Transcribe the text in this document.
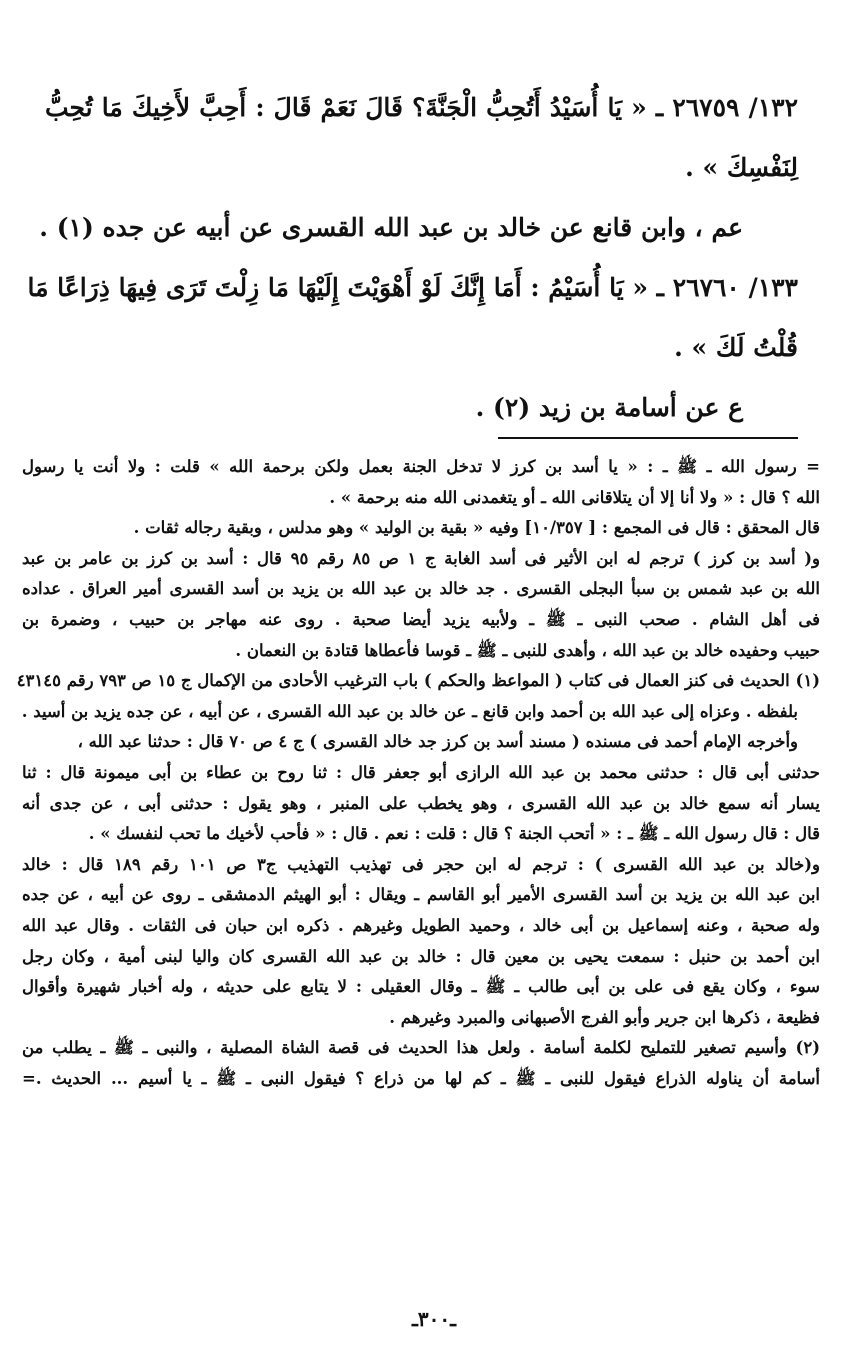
١٣٢/ ٢٦٧٥٩ ـ « يَا أُسَيْدُ أَتُحِبُّ الْجَنَّةَ؟ قَالَ نَعَمْ قَالَ : أَحِبَّ لأَخِيكَ مَا تُحِبُّ
لِنَفْسِكَ » .
عم ، وابن قانع عن خالد بن عبد الله القسرى عن أبيه عن جده (١) .
١٣٣/ ٢٦٧٦٠ ـ « يَا أُسَيْمُ : أَمَا إِنَّكَ لَوْ أَهْوَيْتَ إِلَيْهَا مَا زِلْتَ تَرَى فِيهَا ذِرَاعًا مَا
قُلْتُ لَكَ » .
ع عن أسامة بن زيد (٢) .
= رسول الله ـ ﷺ ـ : « يا أسد بن كرز لا تدخل الجنة بعمل ولكن برحمة الله » قلت : ولا أنت يا رسول
الله ؟ قال : « ولا أنا إلا أن يتلاقانى الله ـ أو يتغمدنى الله منه برحمة » .
قال المحقق : قال فى المجمع : [ ١٠/٣٥٧] وفيه « بقية بن الوليد » وهو مدلس ، وبقية رجاله ثقات .
و( أسد بن كرز ) ترجم له ابن الأثير فى أسد الغابة ج ١ ص ٨٥ رقم ٩٥ قال : أسد بن كرز بن عامر بن عبد
الله بن عبد شمس بن سبأ البجلى القسرى . جد خالد بن عبد الله بن يزيد بن أسد القسرى أمير العراق . عداده
فى أهل الشام . صحب النبى ـ ﷺ ـ ولأبيه يزيد أيضا صحبة . روى عنه مهاجر بن حبيب ، وضمرة بن
حبيب وحفيده خالد بن عبد الله ، وأهدى للنبى ـ ﷺ ـ قوسا فأعطاها قتادة بن النعمان .
(١) الحديث فى كنز العمال فى كتاب ( المواعظ والحكم ) باب الترغيب الأحادى من الإكمال ج ١٥ ص ٧٩٣ رقم ٤٣١٤٥
بلفظه . وعزاه إلى عبد الله بن أحمد وابن قانع ـ عن خالد بن عبد الله القسرى ، عن أبيه ، عن جده يزيد بن أسيد .
وأخرجه الإمام أحمد فى مسنده ( مسند أسد بن كرز جد خالد القسرى ) ج ٤ ص ٧٠ قال : حدثنا عبد الله ،
حدثنى أبى قال : حدثنى محمد بن عبد الله الرازى أبو جعفر قال : ثنا روح بن عطاء بن أبى ميمونة قال : ثنا
يسار أنه سمع خالد بن عبد الله القسرى ، وهو يخطب على المنبر ، وهو يقول : حدثنى أبى ، عن جدى أنه
قال : قال رسول الله ـ ﷺ ـ : « أتحب الجنة ؟ قال : قلت : نعم . قال : « فأحب لأخيك ما تحب لنفسك » .
و(خالد بن عبد الله القسرى ) : ترجم له ابن حجر فى تهذيب التهذيب ج٣ ص ١٠١ رقم ١٨٩ قال : خالد
ابن عبد الله بن يزيد بن أسد القسرى الأمير أبو القاسم ـ ويقال : أبو الهيثم الدمشقى ـ روى عن أبيه ، عن جده
وله صحبة ، وعنه إسماعيل بن أبى خالد ، وحميد الطويل وغيرهم . ذكره ابن حبان فى الثقات . وقال عبد الله
ابن أحمد بن حنبل : سمعت يحيى بن معين قال : خالد بن عبد الله القسرى كان واليا لبنى أمية ، وكان رجل
سوء ، وكان يقع فى على بن أبى طالب ـ ﷺ ـ وقال العقيلى : لا يتابع على حديثه ، وله أخبار شهيرة وأقوال
فظيعة ، ذكرها ابن جرير وأبو الفرج الأصبهانى والمبرد وغيرهم .
(٢) وأسيم تصغير للتمليح لكلمة أسامة . ولعل هذا الحديث فى قصة الشاة المصلية ، والنبى ـ ﷺ ـ يطلب من
أسامة أن يناوله الذراع فيقول للنبى ـ ﷺ ـ كم لها من ذراع ؟ فيقول النبى ـ ﷺ ـ يا أسيم ... الحديث .=
ـ٣٠٠ـ
